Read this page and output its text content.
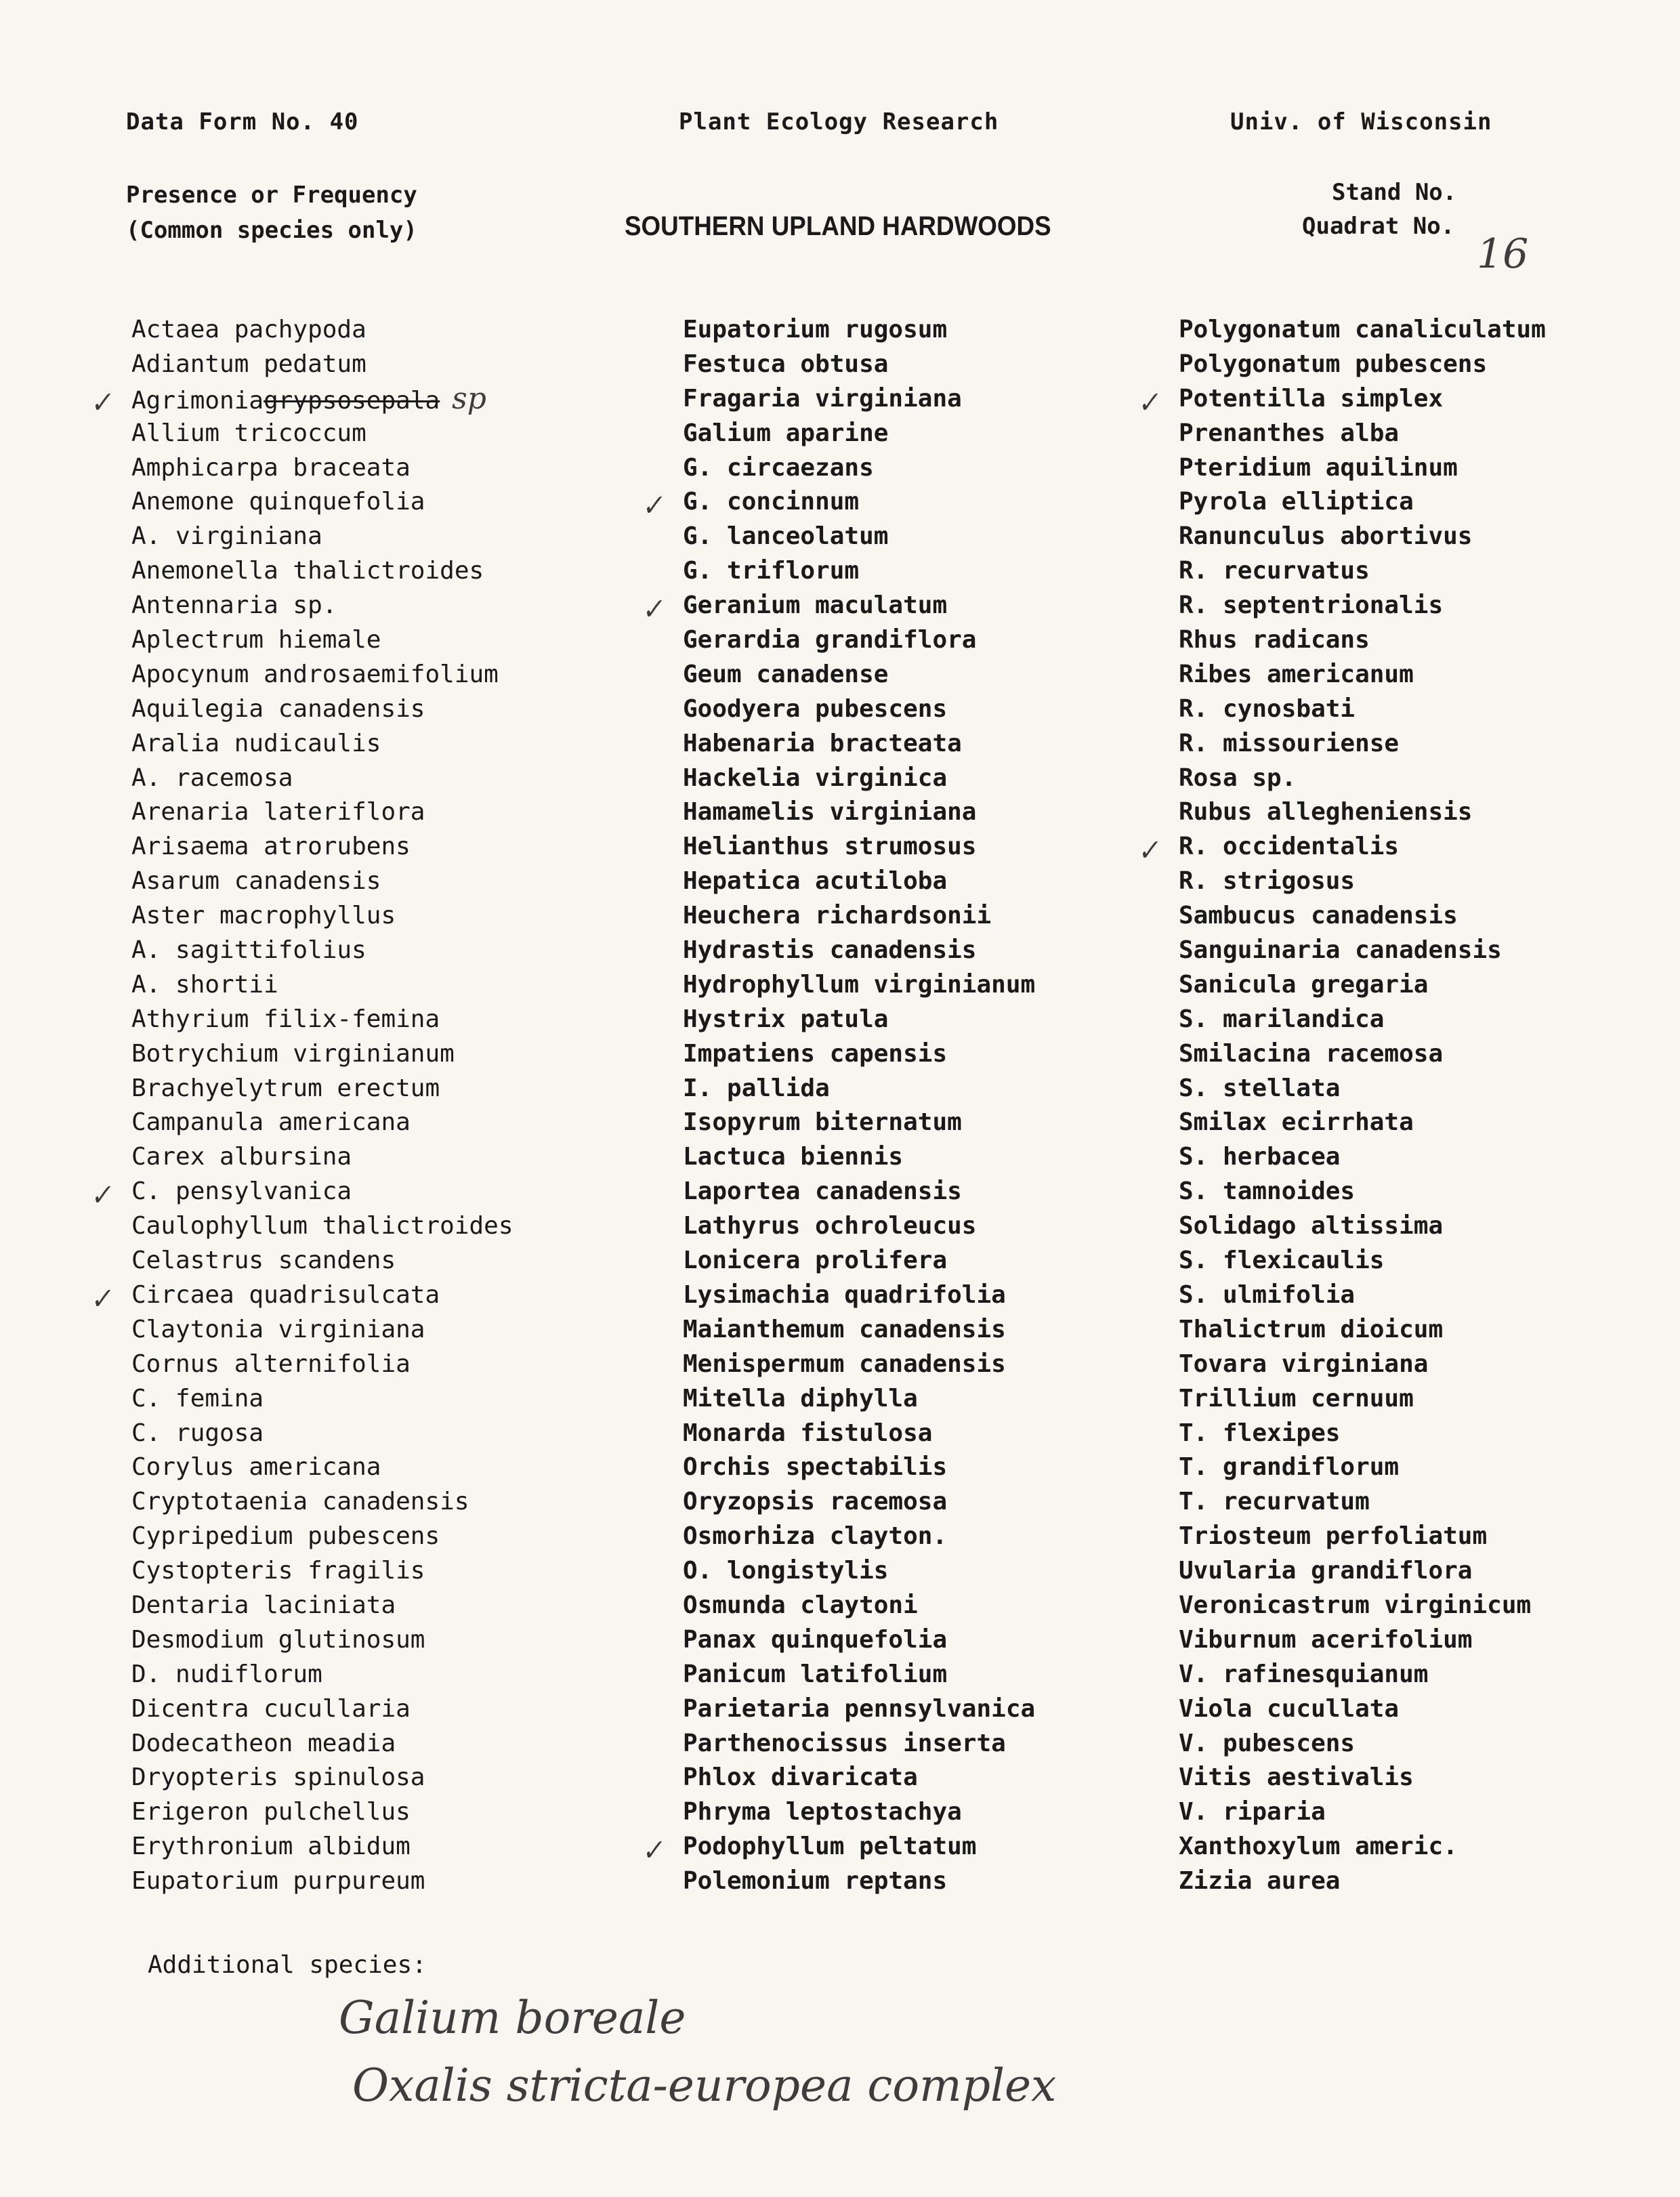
Data Form No. 40	Plant Ecology Research	Univ. of Wisconsin
Presence or Frequency
(Common species only)	SOUTHERN UPLAND HARDWOODS
Stand No.
Quadrat No.
16
Actaea pachypoda
Adiantum pedatum
✓ Agrimoniagrypsosepala sp
Allium tricoccum
Amphicarpa braceata
Anemone quinquefolia
A. virginiana
Anemonella thalictroides
Antennaria sp.
Aplectrum hiemale
Apocynum androsaemifolium
Aquilegia canadensis
Aralia nudicaulis
A. racemosa
Arenaria lateriflora
Arisaema atrorubens
Asarum canadensis
Aster macrophyllus
A. sagittifolius
A. shortii
Athyrium filix-femina
Botrychium virginianum
Brachyelytrum erectum
Campanula americana
Carex albursina
✓ C. pensylvanica
Caulophyllum thalictroides
Celastrus scandens
✓ Circaea quadrisulcata
Claytonia virginiana
Cornus alternifolia
C. femina
C. rugosa
Corylus americana
Cryptotaenia canadensis
Cypripedium pubescens
Cystopteris fragilis
Dentaria laciniata
Desmodium glutinosum
D. nudiflorum
Dicentra cucullaria
Dodecatheon meadia
Dryopteris spinulosa
Erigeron pulchellus
Erythronium albidum
Eupatorium purpureum
Eupatorium rugosum
Festuca obtusa
Fragaria virginiana
Galium aparine
G. circaezans
✓ G. concinnum
G. lanceolatum
G. triflorum
✓ Geranium maculatum
Gerardia grandiflora
Geum canadense
Goodyera pubescens
Habenaria bracteata
Hackelia virginica
Hamamelis virginiana
Helianthus strumosus
Hepatica acutiloba
Heuchera richardsonii
Hydrastis canadensis
Hydrophyllum virginianum
Hystrix patula
Impatiens capensis
I. pallida
Isopyrum biternatum
Lactuca biennis
Laportea canadensis
Lathyrus ochroleucus
Lonicera prolifera
Lysimachia quadrifolia
Maianthemum canadensis
Menispermum canadensis
Mitella diphylla
Monarda fistulosa
Orchis spectabilis
Oryzopsis racemosa
Osmorhiza clayton.
O. longistylis
Osmunda claytoni
Panax quinquefolia
Panicum latifolium
Parietaria pennsylvanica
Parthenocissus inserta
Phlox divaricata
Phryma leptostachya
✓ Podophyllum peltatum
Polemonium reptans
Polygonatum canaliculatum
Polygonatum pubescens
✓ Potentilla simplex
Prenanthes alba
Pteridium aquilinum
Pyrola elliptica
Ranunculus abortivus
R. recurvatus
R. septentrionalis
Rhus radicans
Ribes americanum
R. cynosbati
R. missouriense
Rosa sp.
Rubus allegheniensis
✓ R. occidentalis
R. strigosus
Sambucus canadensis
Sanguinaria canadensis
Sanicula gregaria
S. marilandica
Smilacina racemosa
S. stellata
Smilax ecirrhata
S. herbacea
S. tamnoides
Solidago altissima
S. flexicaulis
S. ulmifolia
Thalictrum dioicum
Tovara virginiana
Trillium cernuum
T. flexipes
T. grandiflorum
T. recurvatum
Triosteum perfoliatum
Uvularia grandiflora
Veronicastrum virginicum
Viburnum acerifolium
V. rafinesquianum
Viola cucullata
V. pubescens
Vitis aestivalis
V. riparia
Xanthoxylum americ.
Zizia aurea
Additional species:
Galium boreale
Oxalis stricta-europea complex
